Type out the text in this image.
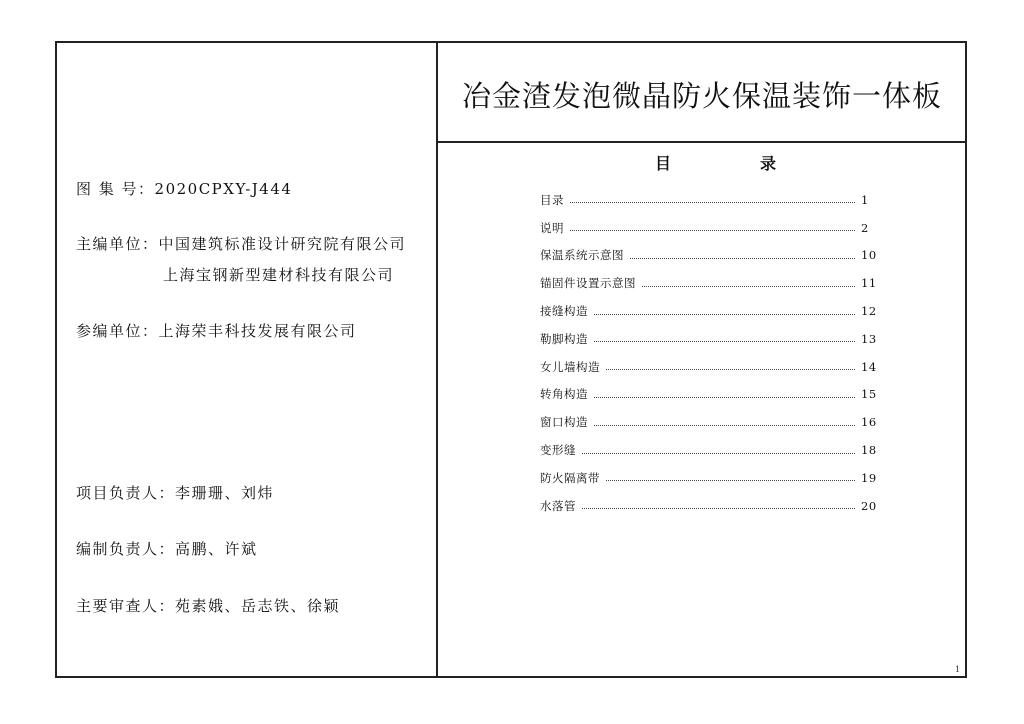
冶金渣发泡微晶防火保温装饰一体板
图 集 号：2020CPXY-J444
主编单位：中国建筑标准设计研究院有限公司
上海宝钢新型建材科技有限公司
参编单位：上海荣丰科技发展有限公司
项目负责人：李珊珊、刘炜
编制负责人：高鹏、许斌
主要审查人：苑素娥、岳志铁、徐颖
目	录
目录	1
说明	2
保温系统示意图	10
锚固件设置示意图	11
接缝构造	12
勒脚构造	13
女儿墙构造	14
转角构造	15
窗口构造	16
变形缝	18
防火隔离带	19
水落管	20
1
